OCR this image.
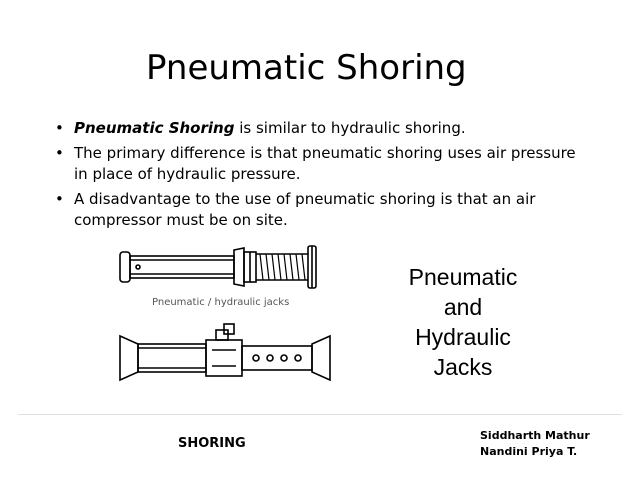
Pneumatic Shoring
• Pneumatic Shoring is similar to hydraulic shoring.
• The primary difference is that pneumatic shoring uses air pressure in place of hydraulic pressure.
• A disadvantage to the use of pneumatic shoring is that an air compressor must be on site.
Pneumatic / hydraulic jacks
Pneumatic
and
Hydraulic
Jacks
SHORING
Siddharth Mathur
Nandini Priya T.
